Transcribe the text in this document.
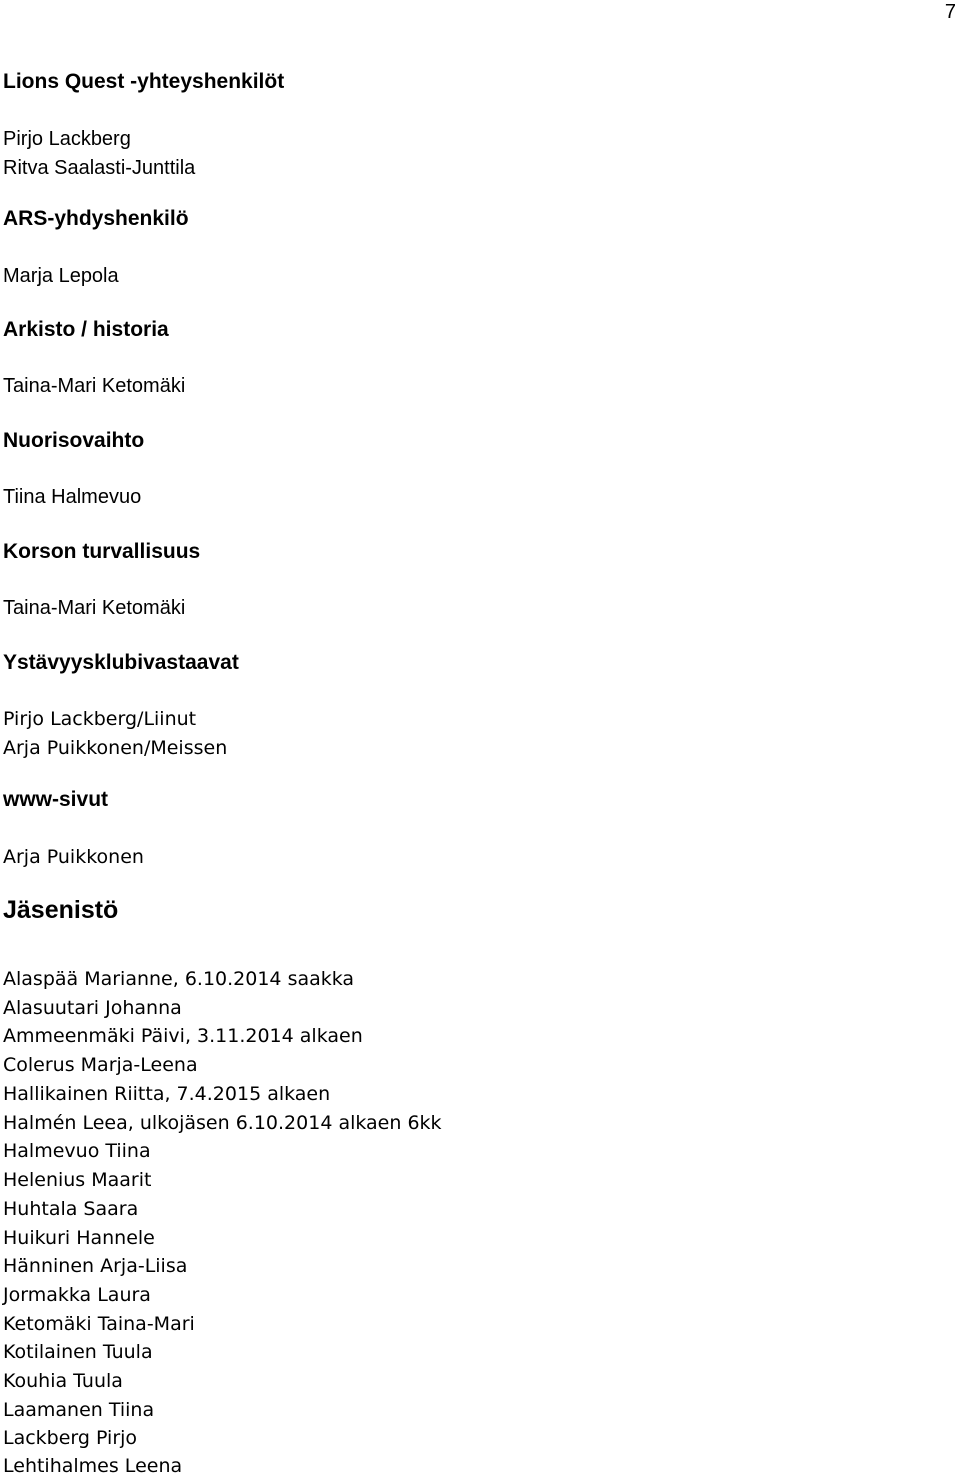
7
Lions Quest -yhteyshenkilöt
Pirjo Lackberg
Ritva Saalasti-Junttila
ARS-yhdyshenkilö
Marja Lepola
Arkisto / historia
Taina-Mari Ketomäki
Nuorisovaihto
Tiina Halmevuo
Korson turvallisuus
Taina-Mari Ketomäki
Ystävyysklubivastaavat
Pirjo Lackberg/Liinut
Arja Puikkonen/Meissen
www-sivut
Arja Puikkonen
Jäsenistö
Alaspää Marianne, 6.10.2014 saakka
Alasuutari Johanna
Ammeenmäki Päivi, 3.11.2014 alkaen
Colerus Marja-Leena
Hallikainen Riitta, 7.4.2015 alkaen
Halmén Leea, ulkojäsen 6.10.2014 alkaen 6kk
Halmevuo Tiina
Helenius Maarit
Huhtala Saara
Huikuri Hannele
Hänninen Arja-Liisa
Jormakka Laura
Ketomäki Taina-Mari
Kotilainen Tuula
Kouhia Tuula
Laamanen Tiina
Lackberg Pirjo
Lehtihalmes Leena
